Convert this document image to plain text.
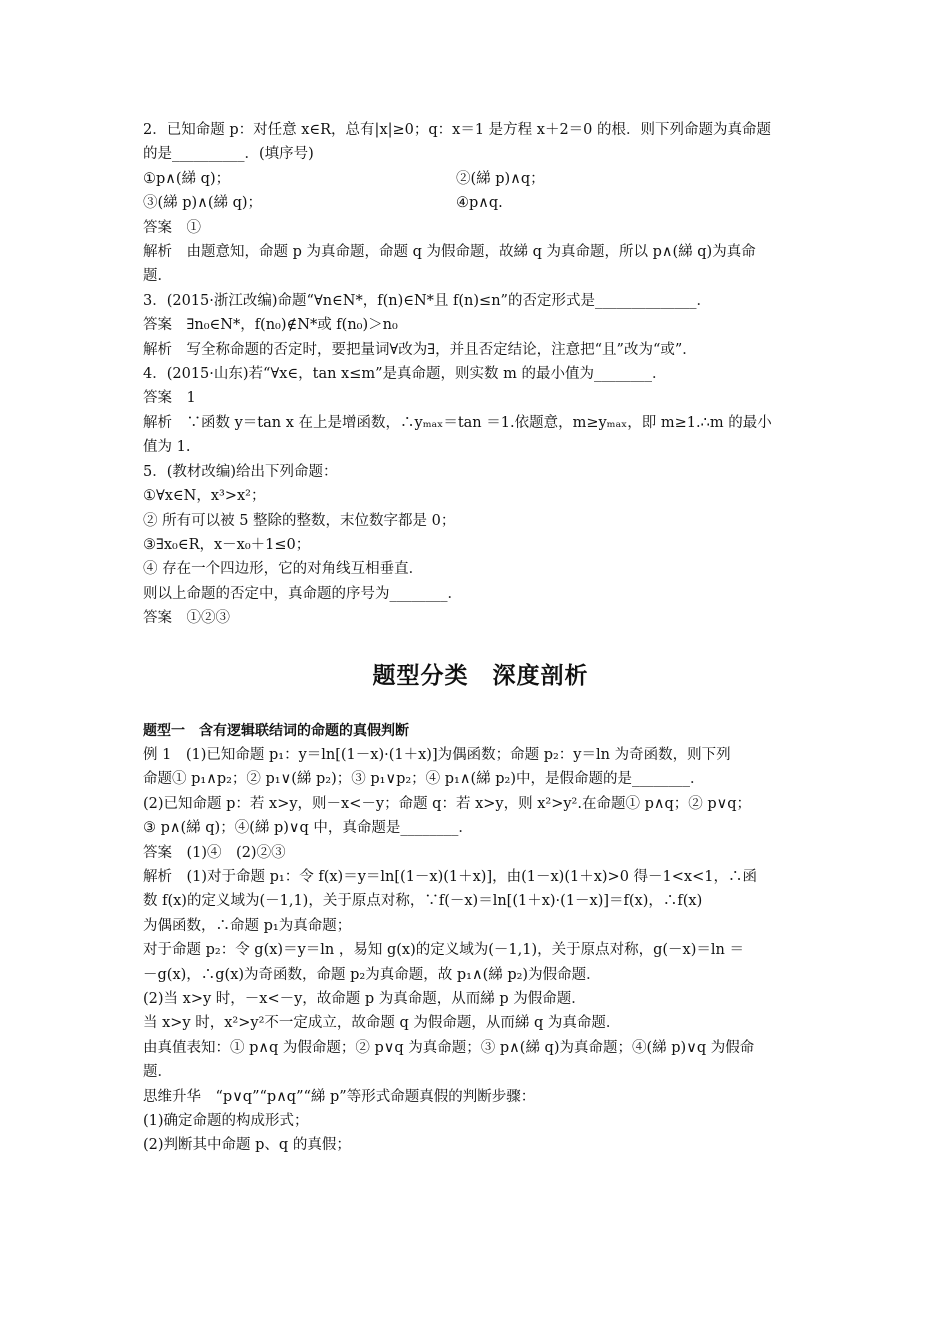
2．已知命题 p：对任意 x∈R，总有|x|≥0；q：x＝1 是方程 x＋2＝0 的根．则下列命题为真命题

的是__________．(填序号)

①p∧(綈 q)；	②(綈 p)∧q；
③(綈 p)∧(綈 q)；	④p∧q.

答案　①

解析　由题意知，命题 p 为真命题，命题 q 为假命题，故綈 q 为真命题，所以 p∧(綈 q)为真命

题．

3．(2015·浙江改编)命题“∀n∈N*，f(n)∈N*且 f(n)≤n”的否定形式是______________．

答案　∃n₀∈N*，f(n₀)∉N*或 f(n₀)＞n₀

解析　写全称命题的否定时，要把量词∀改为∃，并且否定结论，注意把“且”改为“或”．

4．(2015·山东)若“∀x∈，tan x≤m”是真命题，则实数 m 的最小值为________．

答案　1

解析　∵函数 y＝tan x 在上是增函数，∴yₘₐₓ＝tan ＝1.依题意，m≥yₘₐₓ，即 m≥1.∴m 的最小

值为 1.

5．(教材改编)给出下列命题：

①∀x∈N，x³>x²；

② 所有可以被 5 整除的整数，末位数字都是 0；

③∃x₀∈R，x－x₀＋1≤0；

④ 存在一个四边形，它的对角线互相垂直．

则以上命题的否定中，真命题的序号为________．

答案　①②③

题型分类　深度剖析

题型一　含有逻辑联结词的命题的真假判断

例 1　(1)已知命题 p₁：y＝ln[(1－x)·(1＋x)]为偶函数；命题 p₂：y＝ln 为奇函数，则下列

命题① p₁∧p₂；② p₁∨(綈 p₂)；③ p₁∨p₂；④ p₁∧(綈 p₂)中，是假命题的是________．

(2)已知命题 p：若 x>y，则－x<－y；命题 q：若 x>y，则 x²>y².在命题① p∧q；② p∨q；

③ p∧(綈 q)；④(綈 p)∨q 中，真命题是________．

答案　(1)④　(2)②③

解析　(1)对于命题 p₁：令 f(x)＝y＝ln[(1－x)(1＋x)]，由(1－x)(1＋x)>0 得－1<x<1，∴函

数 f(x)的定义域为(－1,1)，关于原点对称，∵f(－x)＝ln[(1＋x)·(1－x)]＝f(x)，∴f(x)

为偶函数，∴命题 p₁为真命题；

对于命题 p₂：令 g(x)＝y＝ln ，易知 g(x)的定义域为(－1,1)，关于原点对称，g(－x)＝ln ＝

－g(x)，∴g(x)为奇函数，命题 p₂为真命题，故 p₁∧(綈 p₂)为假命题．

(2)当 x>y 时，－x<－y，故命题 p 为真命题，从而綈 p 为假命题．

当 x>y 时，x²>y²不一定成立，故命题 q 为假命题，从而綈 q 为真命题．

由真值表知：① p∧q 为假命题；② p∨q 为真命题；③ p∧(綈 q)为真命题；④(綈 p)∨q 为假命

题．

思维升华　“p∨q”“p∧q”“綈 p”等形式命题真假的判断步骤：

(1)确定命题的构成形式；

(2)判断其中命题 p、q 的真假；
